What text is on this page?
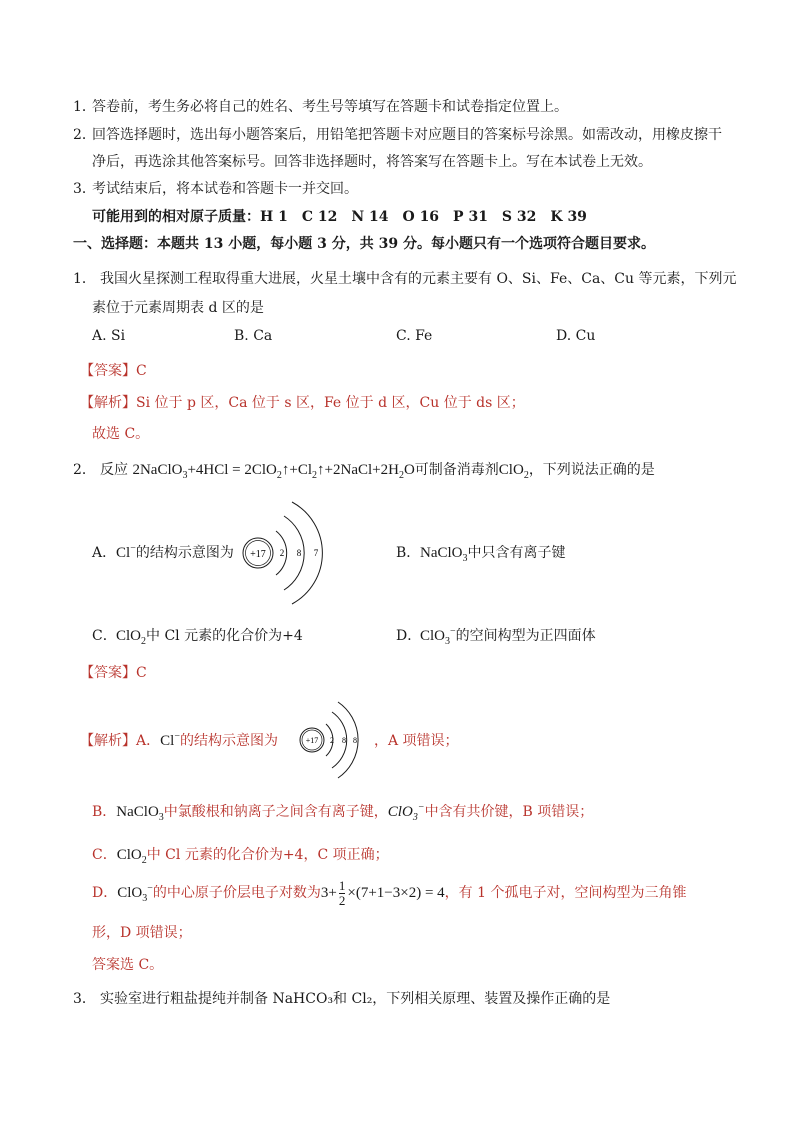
1．
答卷前，考生务必将自己的姓名、考生号等填写在答题卡和试卷指定位置上。
2．
回答选择题时，选出每小题答案后，用铅笔把答题卡对应题目的答案标号涂黑。如需改动，用橡皮擦干
净后，再选涂其他答案标号。回答非选择题时，将答案写在答题卡上。写在本试卷上无效。
3．
考试结束后，将本试卷和答题卡一并交回。
可能用到的相对原子质量：H 1　C 12　N 14　O 16　P 31　S 32　K 39
一、选择题：本题共 13 小题，每小题 3 分，共 39 分。每小题只有一个选项符合题目要求。
1． 我国火星探测工程取得重大进展，火星土壤中含有的元素主要有 O、Si、Fe、Ca、Cu 等元素，下列元
素位于元素周期表 d 区的是
A. Si	B. Ca	C. Fe	D. Cu
【答案】C
【解析】Si 位于 p 区，Ca 位于 s 区，Fe 位于 d 区，Cu 位于 ds 区；
故选 C。
2． 反应 2NaClO$_3$+4HCl = $2ClO_2↑+Cl_2↑+2NaCl+2H_2O$可制备消毒剂ClO$_2$，下列说法正确的是
A． Cl−的结构示意图为 +17 2 8 7	B． NaClO$_3$中只含有离子键
C． ClO$_2$中 Cl 元素的化合价为+4	D．
ClO$_3$−的空间构型为正四面体
【答案】C
【解析】A．Cl−的结构示意图为	+17 2 8 8 ，A 项错误；
B．NaClO$_3$中氯酸根和钠离子之间含有离子键，ClO$_3$−中含有共价键，B 项错误；
C．ClO$_2$中 Cl 元素的化合价为+4，C 项正确；
D．ClO$_3$−的中心原子价层电子对数为$3+ \frac{1}{2} \times(7+1-3\times 2) = 4$，有 1 个孤电子对，空间构型为三角锥
形，D 项错误；
答案选 C。
3． 实验室进行粗盐提纯并制备 NaHCO₃和 Cl₂，下列相关原理、装置及操作正确的是
